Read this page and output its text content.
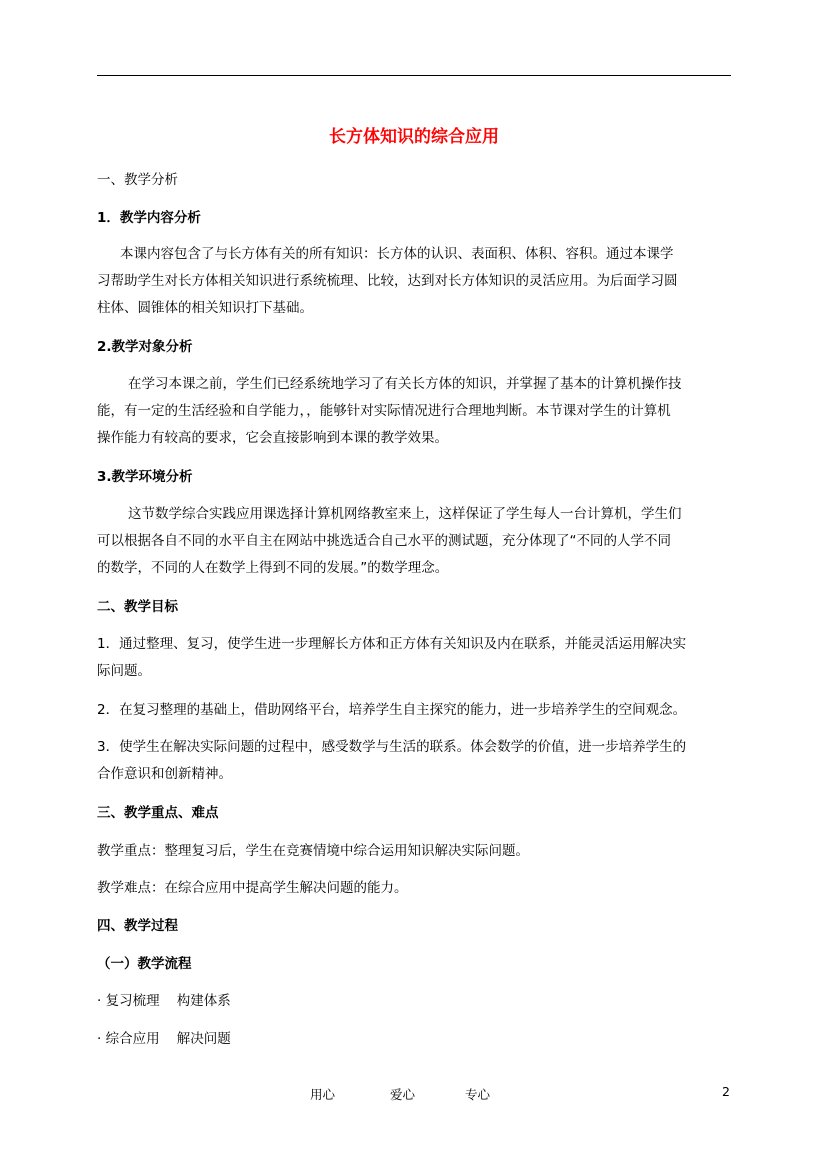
长方体知识的综合应用
一、教学分析
1．教学内容分析
本课内容包含了与长方体有关的所有知识：长方体的认识、表面积、体积、容积。通过本课学
习帮助学生对长方体相关知识进行系统梳理、比较，达到对长方体知识的灵活应用。为后面学习圆
柱体、圆锥体的相关知识打下基础。
2.教学对象分析
在学习本课之前，学生们已经系统地学习了有关长方体的知识，并掌握了基本的计算机操作技
能，有一定的生活经验和自学能力，，能够针对实际情况进行合理地判断。本节课对学生的计算机
操作能力有较高的要求，它会直接影响到本课的教学效果。
3.教学环境分析
这节数学综合实践应用课选择计算机网络教室来上，这样保证了学生每人一台计算机，学生们
可以根据各自不同的水平自主在网站中挑选适合自己水平的测试题，充分体现了“不同的人学不同
的数学，不同的人在数学上得到不同的发展。”的数学理念。
二、教学目标
1．通过整理、复习，使学生进一步理解长方体和正方体有关知识及内在联系，并能灵活运用解决实
际问题。
2．在复习整理的基础上，借助网络平台，培养学生自主探究的能力，进一步培养学生的空间观念。
3．使学生在解决实际问题的过程中，感受数学与生活的联系。体会数学的价值，进一步培养学生的
合作意识和创新精神。
三、教学重点、难点
教学重点：整理复习后，学生在竞赛情境中综合运用知识解决实际问题。
教学难点：在综合应用中提高学生解决问题的能力。
四、教学过程
（一）教学流程
· 复习梳理    构建体系
· 综合应用    解决问题
用心	爱心	专心	2
